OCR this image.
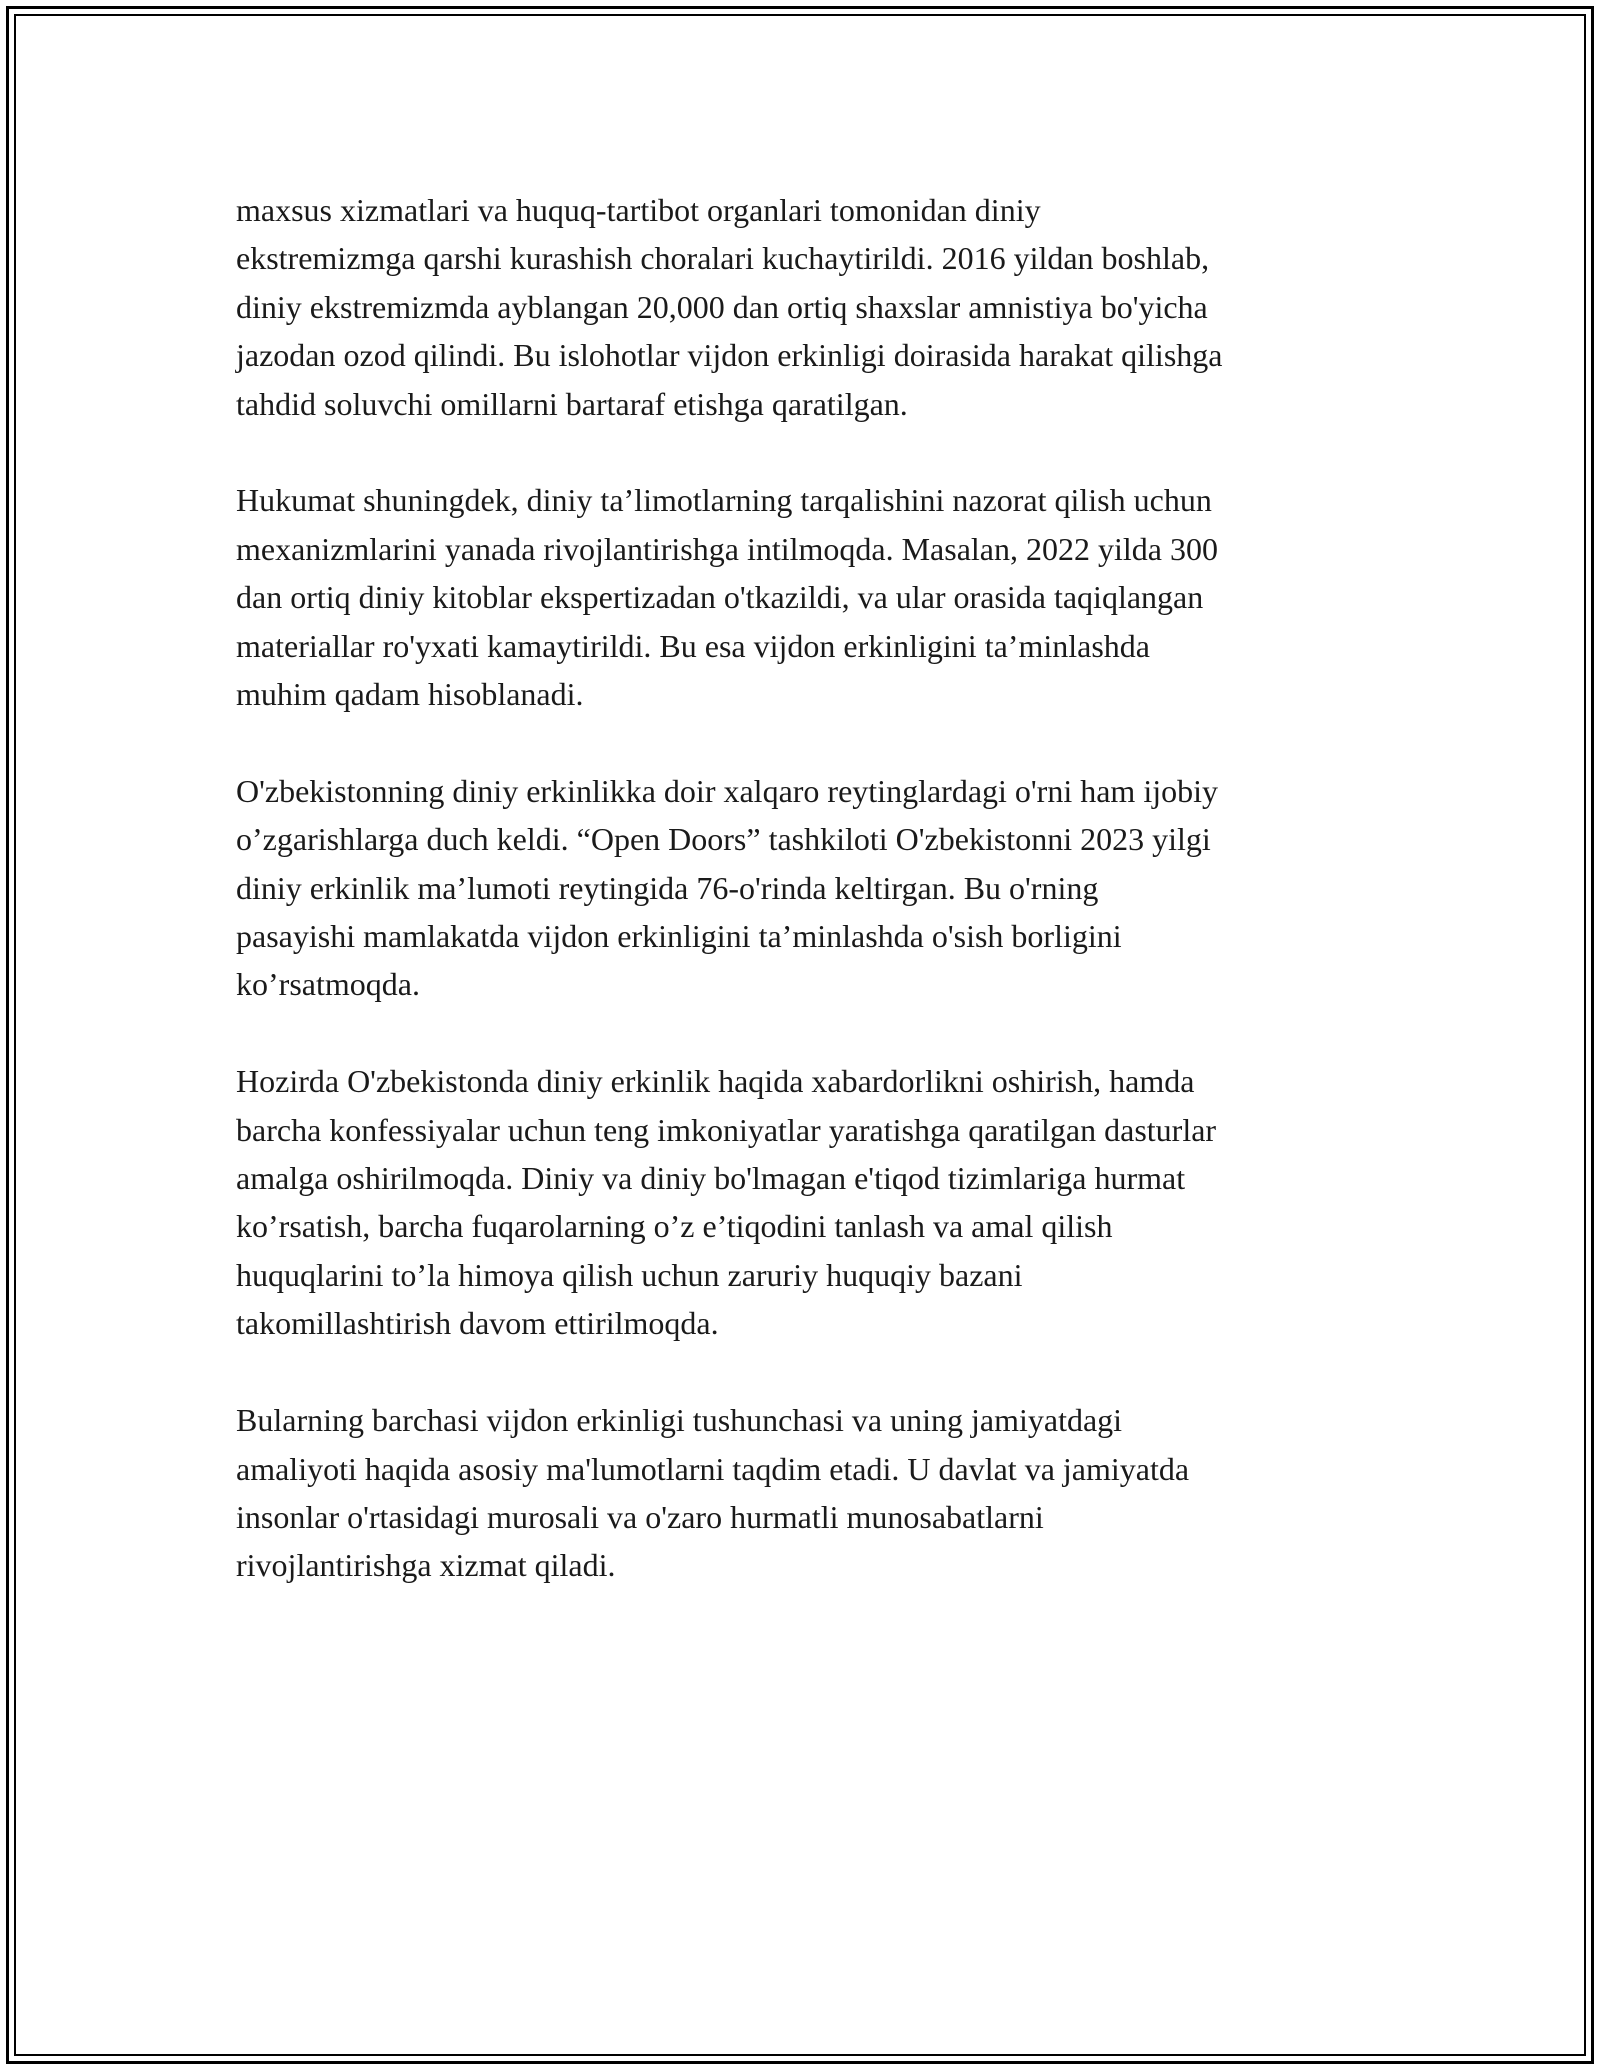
maxsus xizmatlari va huquq-tartibot organlari tomonidan diniy
ekstremizmga qarshi kurashish choralari kuchaytirildi. 2016 yildan boshlab,
diniy ekstremizmda ayblangan 20,000 dan ortiq shaxslar amnistiya bo'yicha
jazodan ozod qilindi. Bu islohotlar vijdon erkinligi doirasida harakat qilishga
tahdid soluvchi omillarni bartaraf etishga qaratilgan.

Hukumat shuningdek, diniy ta’limotlarning tarqalishini nazorat qilish uchun
mexanizmlarini yanada rivojlantirishga intilmoqda. Masalan, 2022 yilda 300
dan ortiq diniy kitoblar ekspertizadan o'tkazildi, va ular orasida taqiqlangan
materiallar ro'yxati kamaytirildi. Bu esa vijdon erkinligini ta’minlashda
muhim qadam hisoblanadi.

O'zbekistonning diniy erkinlikka doir xalqaro reytinglardagi o'rni ham ijobiy
o’zgarishlarga duch keldi. “Open Doors” tashkiloti O'zbekistonni 2023 yilgi
diniy erkinlik ma’lumoti reytingida 76-o'rinda keltirgan. Bu o'rning
pasayishi mamlakatda vijdon erkinligini ta’minlashda o'sish borligini
ko’rsatmoqda.

Hozirda O'zbekistonda diniy erkinlik haqida xabardorlikni oshirish, hamda
barcha konfessiyalar uchun teng imkoniyatlar yaratishga qaratilgan dasturlar
amalga oshirilmoqda. Diniy va diniy bo'lmagan e'tiqod tizimlariga hurmat
ko’rsatish, barcha fuqarolarning o’z e’tiqodini tanlash va amal qilish
huquqlarini to’la himoya qilish uchun zaruriy huquqiy bazani
takomillashtirish davom ettirilmoqda.

Bularning barchasi vijdon erkinligi tushunchasi va uning jamiyatdagi
amaliyoti haqida asosiy ma'lumotlarni taqdim etadi. U davlat va jamiyatda
insonlar o'rtasidagi murosali va o'zaro hurmatli munosabatlarni
rivojlantirishga xizmat qiladi.
